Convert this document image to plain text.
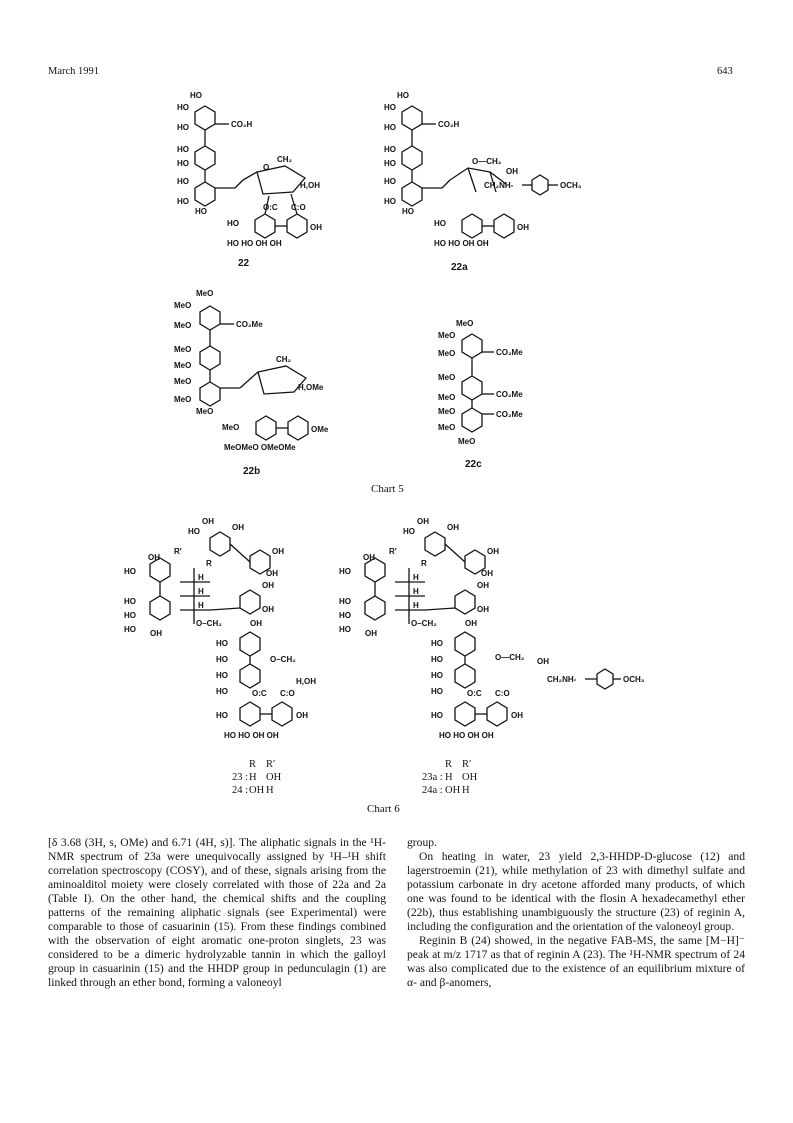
March 1991	643
HO
HO
HO	CO₂H
HO
HO
HO
HO
HO
O
CH₂
H,OH
HO	OH
HO HO OH OH
O:C C:O
22
HO
HO
HO	CO₂H
HO
HO
HO
HO
HO
O—CH₂
OH
CH₂NH-	OCH₃
HO	OH
HO HO OH OH
22a
MeO
MeO
MeO	CO₂Me
MeO
MeO
MeO
MeO
MeO
CH₂
H,OMe
MeO	OMe
MeOMeO OMeOMe
22b
MeO
MeO
MeO	CO₂Me
MeO
MeO	CO₂Me
MeO	CO₂Me
MeO
MeO
22c
Chart 5
OH
HO	OH
R′
R
OH
OH
OH
HO
HO
HO
HO OH
H
H
H
O–CH₂
OH
OH
OH
HO
HO
HO
HO
O–CH₂
H,OH
O:C C:O
HO	OH
HO HO OH OH
OH
HO	OH
R′
R
OH
OH
OH
HO
HO
HO
HO OH
H
H
H
O–CH₂
OH
OH
OH
HO
HO
HO
HO
O—CH₂ OH
CH₂NH-	OCH₃
O:C C:O
HO	OH
HO HO OH OH
R R′
23 : H OH
24 : OH H
R R′
23a : H OH
24a : OH H
Chart 6

[δ 3.68 (3H, s, OMe) and 6.71 (4H, s)]. The aliphatic signals in the ¹H-NMR spectrum of 23a were unequivocally assigned by ¹H–¹H shift correlation spectroscopy (COSY), and of these, signals arising from the aminoalditol moiety were closely correlated with those of 22a and 2a (Table I). On the other hand, the chemical shifts and the coupling patterns of the remaining aliphatic signals (see Experimental) were comparable to those of casuarinin (15). From these findings combined with the observation of eight aromatic one-proton singlets, 23 was considered to be a dimeric hydrolyzable tannin in which the galloyl group in casuarinin (15) and the HHDP group in pedunculagin (1) are linked through an ether bond, forming a valoneoyl

group.

On heating in water, 23 yield 2,3-HHDP-D-glucose (12) and lagerstroemin (21), while methylation of 23 with dimethyl sulfate and potassium carbonate in dry acetone afforded many products, of which one was found to be identical with the flosin A hexadecamethyl ether (22b), thus establishing unambiguously the structure (23) of reginin A, including the configuration and the orientation of the valoneoyl group.

Reginin B (24) showed, in the negative FAB-MS, the same [M−H]⁻ peak at m/z 1717 as that of reginin A (23). The ¹H-NMR spectrum of 24 was also complicated due to the existence of an equilibrium mixture of α- and β-anomers,
